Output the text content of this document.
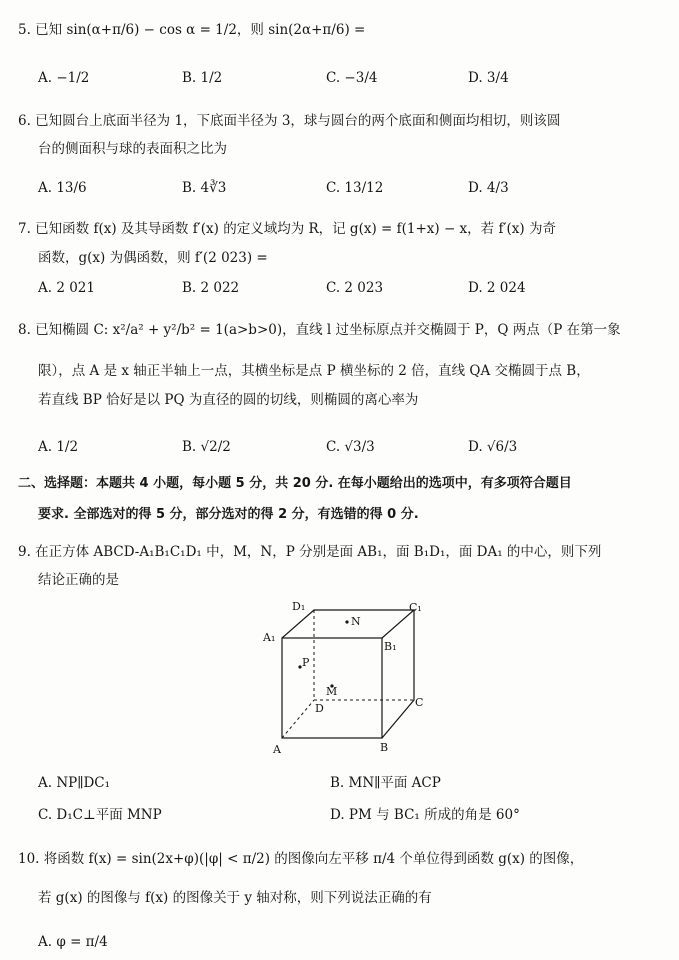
5. 已知 sin(α+π/6) − cos α = 1/2，则 sin(2α+π/6) =
A. −1/2	B. 1/2	C. −3/4	D. 3/4
6. 已知圆台上底面半径为 1，下底面半径为 3，球与圆台的两个底面和侧面均相切，则该圆
台的侧面积与球的表面积之比为
A. 13/6	B. 4∛3	C. 13/12	D. 4/3
7. 已知函数 f(x) 及其导函数 f′(x) 的定义域均为 R，记 g(x) = f(1+x) − x，若 f′(x) 为奇
函数，g(x) 为偶函数，则 f′(2 023) =
A. 2 021	B. 2 022	C. 2 023	D. 2 024
8. 已知椭圆 C: x²/a² + y²/b² = 1(a>b>0)，直线 l 过坐标原点并交椭圆于 P，Q 两点（P 在第一象
限），点 A 是 x 轴正半轴上一点，其横坐标是点 P 横坐标的 2 倍，直线 QA 交椭圆于点 B，
若直线 BP 恰好是以 PQ 为直径的圆的切线，则椭圆的离心率为
A. 1/2	B. √2/2	C. √3/3	D. √6/3
二、选择题：本题共 4 小题，每小题 5 分，共 20 分. 在每小题给出的选项中，有多项符合题目
要求. 全部选对的得 5 分，部分选对的得 2 分，有选错的得 0 分.
9. 在正方体 ABCD-A₁B₁C₁D₁ 中，M，N，P 分别是面 AB₁，面 B₁D₁，面 DA₁ 的中心，则下列
结论正确的是
D₁	C₁
A₁
B₁
N
P
M
D	C
A	B
A. NP∥DC₁	B. MN∥平面 ACP
C. D₁C⊥平面 MNP	D. PM 与 BC₁ 所成的角是 60°
10. 将函数 f(x) = sin(2x+φ)(|φ| < π/2) 的图像向左平移 π/4 个单位得到函数 g(x) 的图像，
若 g(x) 的图像与 f(x) 的图像关于 y 轴对称，则下列说法正确的有
A. φ = π/4
